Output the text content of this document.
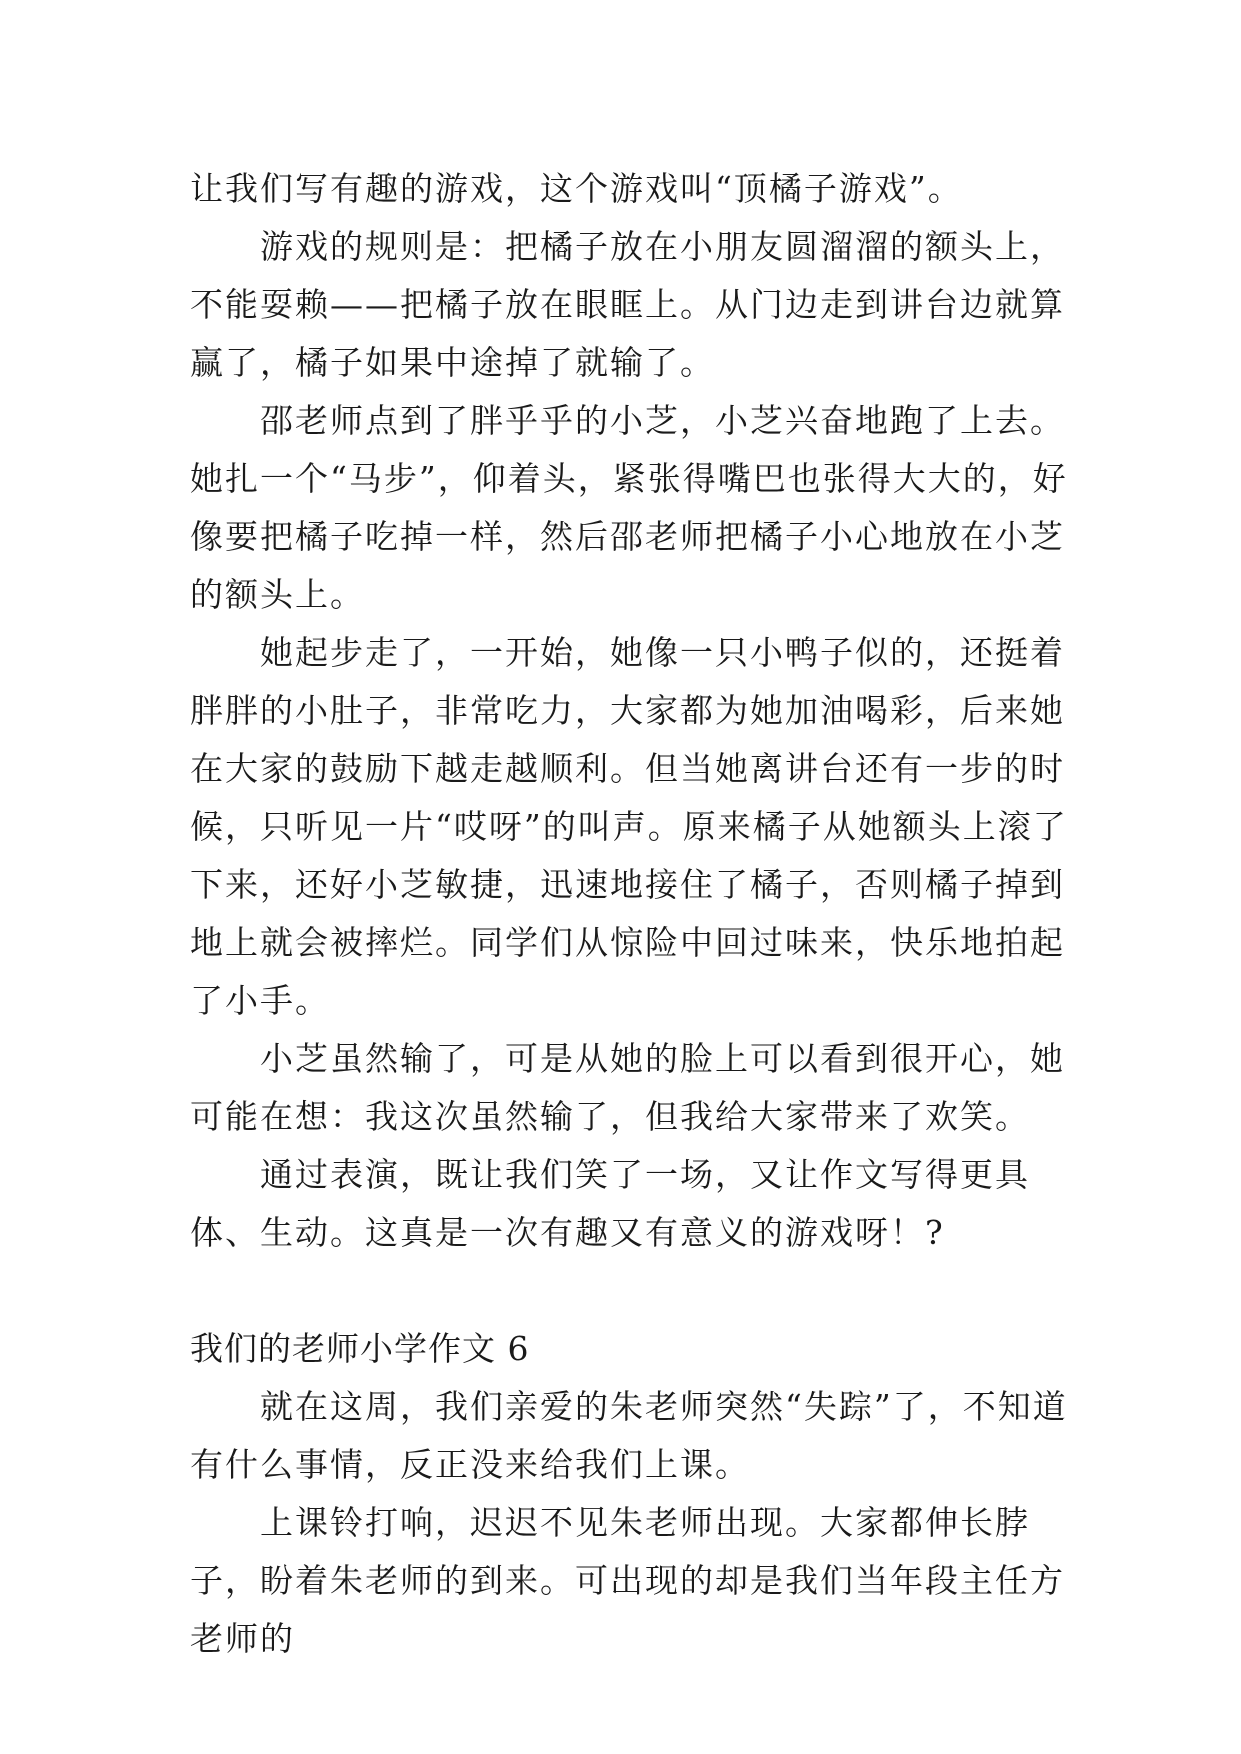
让我们写有趣的游戏，这个游戏叫“顶橘子游戏”。

游戏的规则是：把橘子放在小朋友圆溜溜的额头上，不能耍赖——把橘子放在眼眶上。从门边走到讲台边就算赢了，橘子如果中途掉了就输了。

邵老师点到了胖乎乎的小芝，小芝兴奋地跑了上去。她扎一个“马步”，仰着头，紧张得嘴巴也张得大大的，好像要把橘子吃掉一样，然后邵老师把橘子小心地放在小芝的额头上。

她起步走了，一开始，她像一只小鸭子似的，还挺着胖胖的小肚子，非常吃力，大家都为她加油喝彩，后来她在大家的鼓励下越走越顺利。但当她离讲台还有一步的时候，只听见一片“哎呀”的叫声。原来橘子从她额头上滚了下来，还好小芝敏捷，迅速地接住了橘子，否则橘子掉到地上就会被摔烂。同学们从惊险中回过味来，快乐地拍起了小手。

小芝虽然输了，可是从她的脸上可以看到很开心，她可能在想：我这次虽然输了，但我给大家带来了欢笑。

通过表演，既让我们笑了一场，又让作文写得更具体、生动。这真是一次有趣又有意义的游戏呀！?

我们的老师小学作文 6

就在这周，我们亲爱的朱老师突然“失踪”了，不知道有什么事情，反正没来给我们上课。

上课铃打响，迟迟不见朱老师出现。大家都伸长脖子，盼着朱老师的到来。可出现的却是我们当年段主任方老师的
